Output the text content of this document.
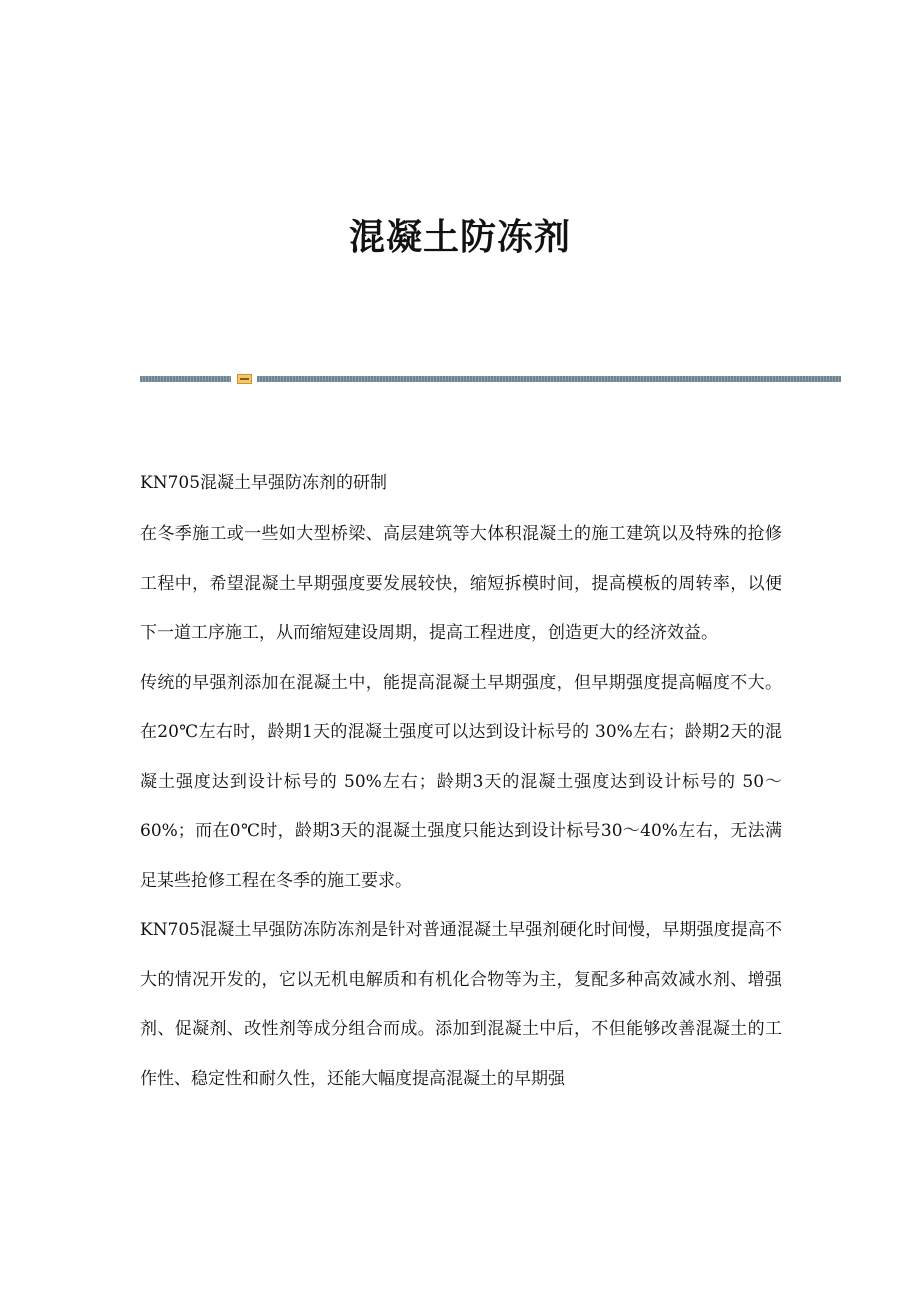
混凝土防冻剂

KN705混凝土早强防冻剂的研制

在冬季施工或一些如大型桥梁、高层建筑等大体积混凝土的施工建筑以及特殊的抢修工程中，希望混凝土早期强度要发展较快，缩短拆模时间，提高模板的周转率，以便下一道工序施工，从而缩短建设周期，提高工程进度，创造更大的经济效益。

传统的早强剂添加在混凝土中，能提高混凝土早期强度，但早期强度提高幅度不大。在20℃左右时，龄期1天的混凝土强度可以达到设计标号的 30%左右；龄期2天的混凝土强度达到设计标号的 50%左右；龄期3天的混凝土强度达到设计标号的 50～60%；而在0℃时，龄期3天的混凝土强度只能达到设计标号30～40%左右，无法满足某些抢修工程在冬季的施工要求。

KN705混凝土早强防冻防冻剂是针对普通混凝土早强剂硬化时间慢，早期强度提高不大的情况开发的，它以无机电解质和有机化合物等为主，复配多种高效减水剂、增强剂、促凝剂、改性剂等成分组合而成。添加到混凝土中后，不但能够改善混凝土的工作性、稳定性和耐久性，还能大幅度提高混凝土的早期强
